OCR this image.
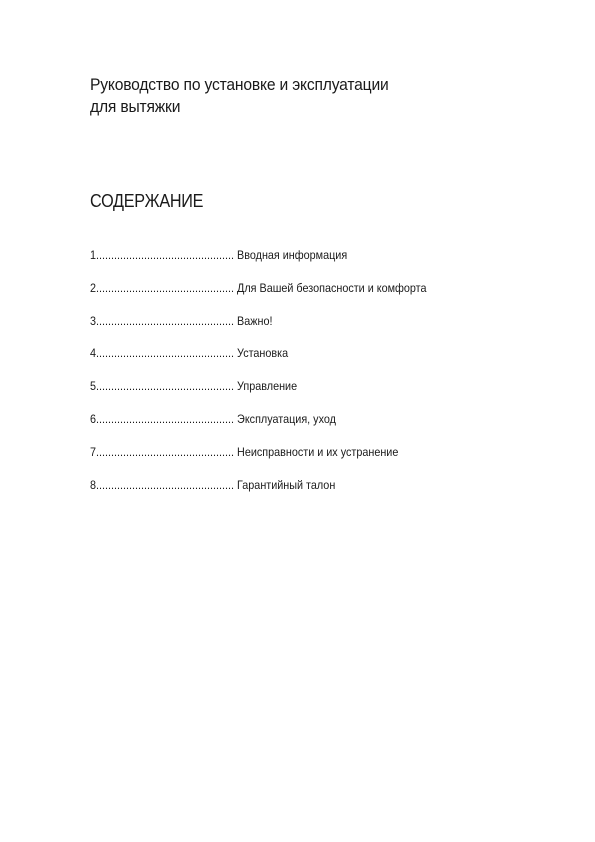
Руководство по установке и эксплуатации
для вытяжки
СОДЕРЖАНИЕ
1.............................................. Вводная информация
2.............................................. Для Вашей безопасности и комфорта
3.............................................. Важно!
4.............................................. Установка
5.............................................. Управление
6.............................................. Эксплуатация, уход
7.............................................. Неисправности и их устранение
8.............................................. Гарантийный талон
